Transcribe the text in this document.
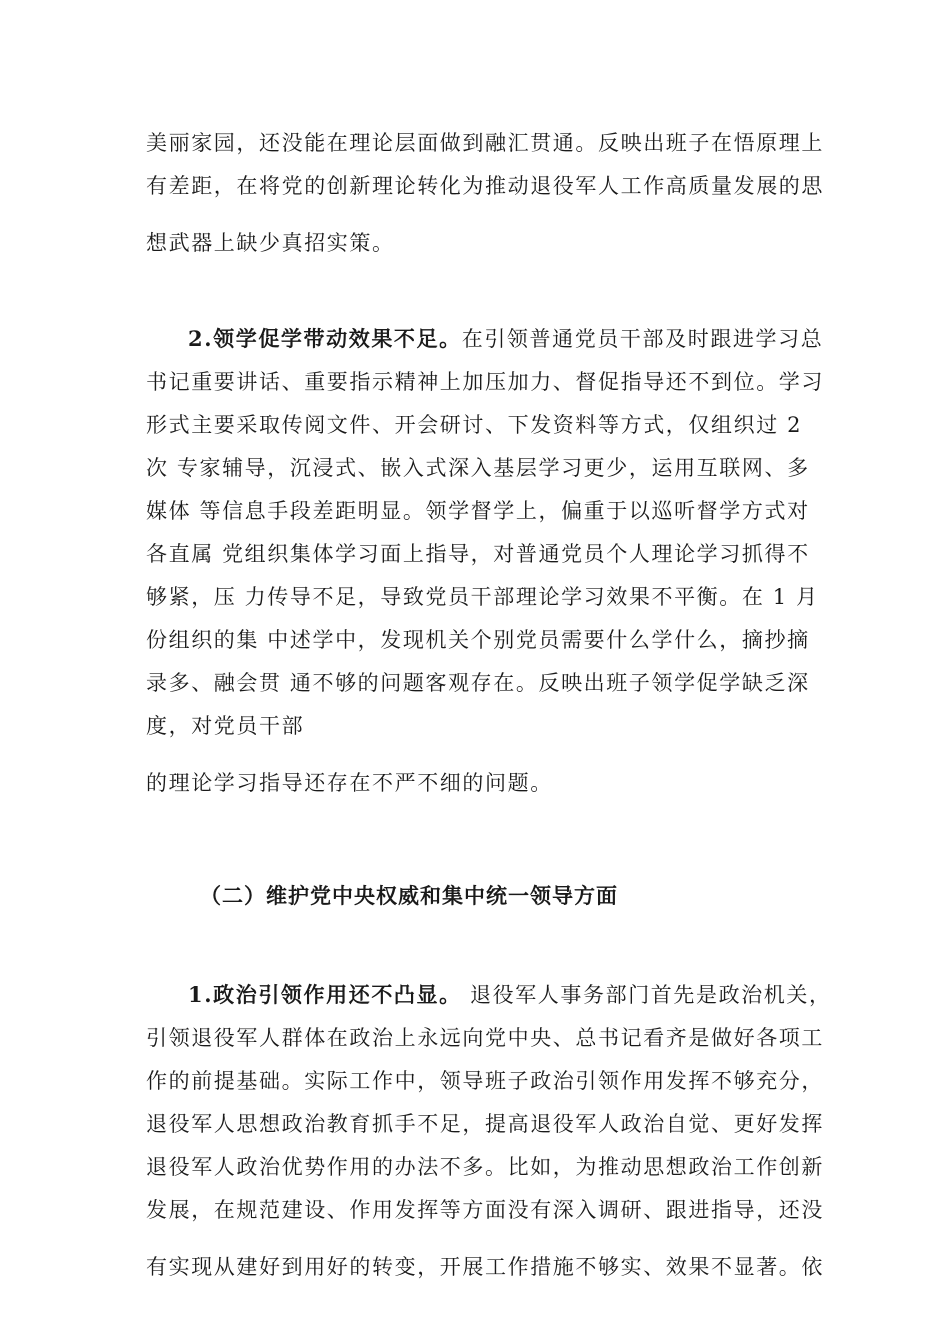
美丽家园，还没能在理论层面做到融汇贯通。反映出班子在悟原理上
有差距，在将党的创新理论转化为推动退役军人工作高质量发展的思
想武器上缺少真招实策。
2.领学促学带动效果不足。在引领普通党员干部及时跟进学习总
书记重要讲话、重要指示精神上加压加力、督促指导还不到位。学习
形式主要采取传阅文件、开会研讨、下发资料等方式，仅组织过 2
次 专家辅导，沉浸式、嵌入式深入基层学习更少，运用互联网、多
媒体 等信息手段差距明显。领学督学上，偏重于以巡听督学方式对
各直属 党组织集体学习面上指导，对普通党员个人理论学习抓得不
够紧，压 力传导不足，导致党员干部理论学习效果不平衡。在 1 月
份组织的集 中述学中，发现机关个别党员需要什么学什么，摘抄摘
录多、融会贯 通不够的问题客观存在。反映出班子领学促学缺乏深
度，对党员干部
的理论学习指导还存在不严不细的问题。
（二）维护党中央权威和集中统一领导方面
1.政治引领作用还不凸显。 退役军人事务部门首先是政治机关，
引领退役军人群体在政治上永远向党中央、总书记看齐是做好各项工
作的前提基础。实际工作中，领导班子政治引领作用发挥不够充分，
退役军人思想政治教育抓手不足，提高退役军人政治自觉、更好发挥
退役军人政治优势作用的办法不多。比如，为推动思想政治工作创新
发展，在规范建设、作用发挥等方面没有深入调研、跟进指导，还没
有实现从建好到用好的转变，开展工作措施不够实、效果不显著。依
